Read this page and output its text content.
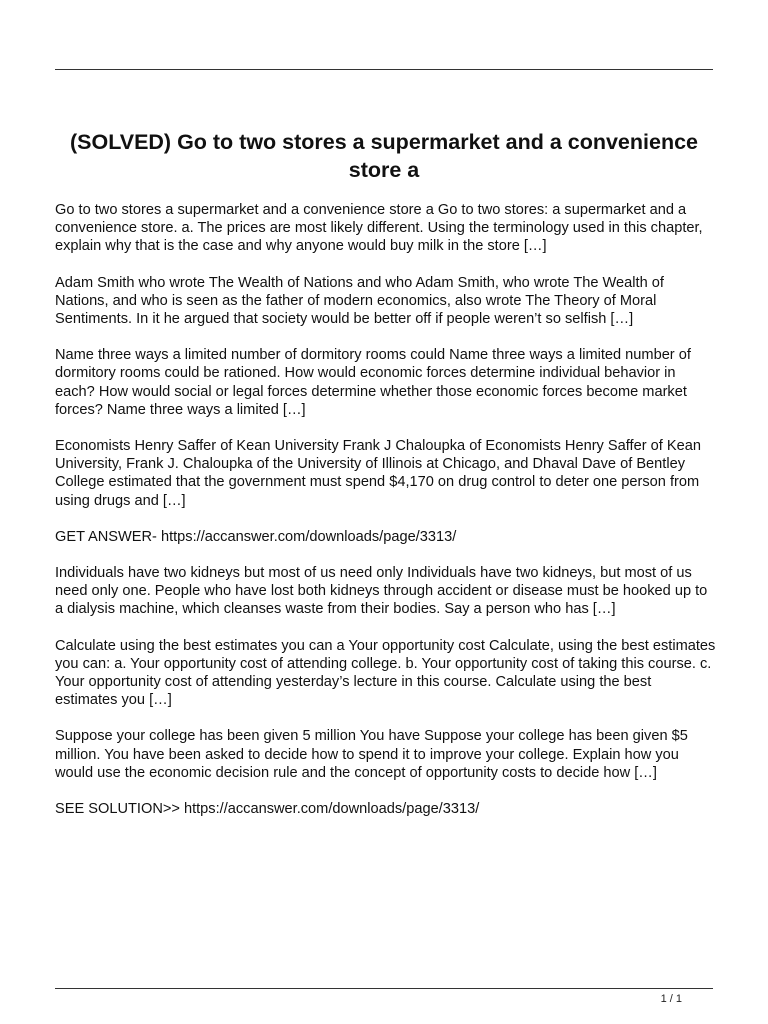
(SOLVED) Go to two stores a supermarket and a convenience store a

Go to two stores a supermarket and a convenience store a Go to two stores: a supermarket and a convenience store. a. The prices are most likely different. Using the terminology used in this chapter, explain why that is the case and why anyone would buy milk in the store […]

Adam Smith who wrote The Wealth of Nations and who Adam Smith, who wrote The Wealth of Nations, and who is seen as the father of modern economics, also wrote The Theory of Moral Sentiments. In it he argued that society would be better off if people weren’t so selfish […]

Name three ways a limited number of dormitory rooms could Name three ways a limited number of dormitory rooms could be rationed. How would economic forces determine individual behavior in each? How would social or legal forces determine whether those economic forces become market forces? Name three ways a limited […]

Economists Henry Saffer of Kean University Frank J Chaloupka of Economists Henry Saffer of Kean University, Frank J. Chaloupka of the University of Illinois at Chicago, and Dhaval Dave of Bentley College estimated that the government must spend $4,170 on drug control to deter one person from using drugs and […]

GET ANSWER- https://accanswer.com/downloads/page/3313/

Individuals have two kidneys but most of us need only Individuals have two kidneys, but most of us need only one. People who have lost both kidneys through accident or disease must be hooked up to a dialysis machine, which cleanses waste from their bodies. Say a person who has […]

Calculate using the best estimates you can a Your opportunity cost Calculate, using the best estimates you can: a. Your opportunity cost of attending college. b. Your opportunity cost of taking this course. c. Your opportunity cost of attending yesterday’s lecture in this course. Calculate using the best estimates you […]

Suppose your college has been given 5 million You have Suppose your college has been given $5 million. You have been asked to decide how to spend it to improve your college. Explain how you would use the economic decision rule and the concept of opportunity costs to decide how […]

SEE SOLUTION>> https://accanswer.com/downloads/page/3313/

1 / 1
